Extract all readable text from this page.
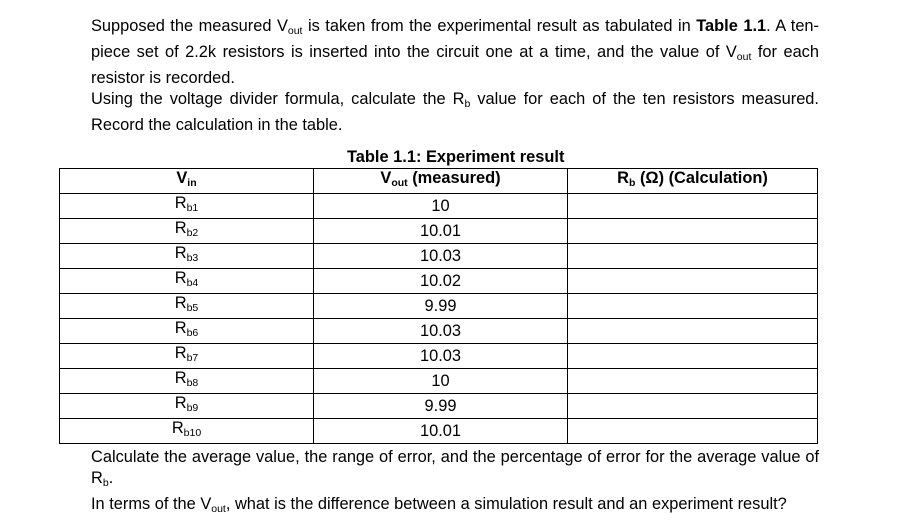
Supposed the measured $V_{out}$ is taken from the experimental result as tabulated in Table 1.1. A ten-piece set of 2.2k resistors is inserted into the circuit one at a time, and the value of $V_{out}$ for each resistor is recorded.
Using the voltage divider formula, calculate the $R_b$ value for each of the ten resistors measured. Record the calculation in the table.

Table 1.1: Experiment result
$V_{in}$	$V_{out}$ (measured)	$R_b$ (Ω) (Calculation)
$R_{b1}$	10	
$R_{b2}$	10.01	
$R_{b3}$	10.03	
$R_{b4}$	10.02	
$R_{b5}$	9.99	
$R_{b6}$	10.03	
$R_{b7}$	10.03	
$R_{b8}$	10	
$R_{b9}$	9.99	
$R_{b10}$	10.01	

Calculate the average value, the range of error, and the percentage of error for the average value of $R_b$.
In terms of the $V_{out}$, what is the difference between a simulation result and an experiment result?
